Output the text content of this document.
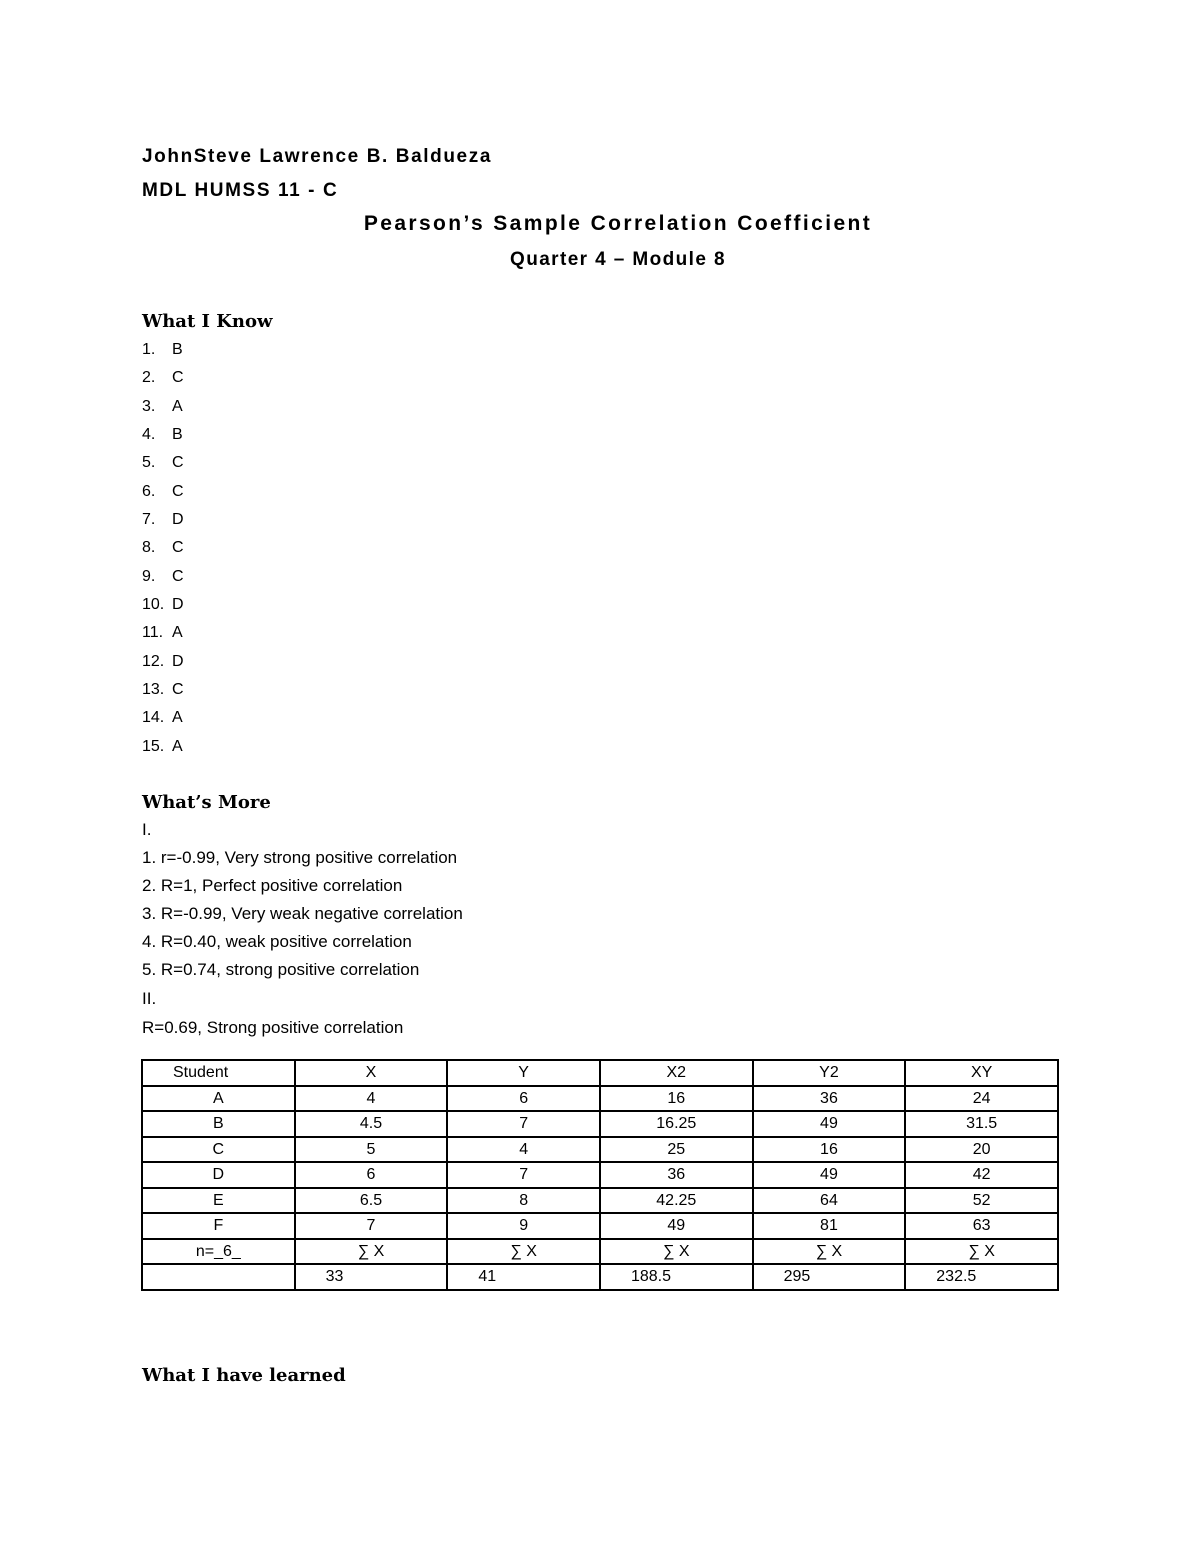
JohnSteve Lawrence B. Baldueza
MDL HUMSS 11 - C
Pearson’s Sample Correlation Coefficient
Quarter 4 – Module 8
What I Know
1. B
2. C
3. A
4. B
5. C
6. C
7. D
8. C
9. C
10. D
11. A
12. D
13. C
14. A
15. A
What’s More
I.
1. r=-0.99, Very strong positive correlation
2. R=1, Perfect positive correlation
3. R=-0.99, Very weak negative correlation
4. R=0.40, weak positive correlation
5. R=0.74, strong positive correlation
II.
R=0.69, Strong positive correlation
Student	X	Y	X2	Y2	XY
A	4	6	16	36	24
B	4.5	7	16.25	49	31.5
C	5	4	25	16	20
D	6	7	36	49	42
E	6.5	8	42.25	64	52
F	7	9	49	81	63
n=_6_	∑ X	∑ X	∑ X	∑ X	∑ X
	33	41	188.5	295	232.5
What I have learned
